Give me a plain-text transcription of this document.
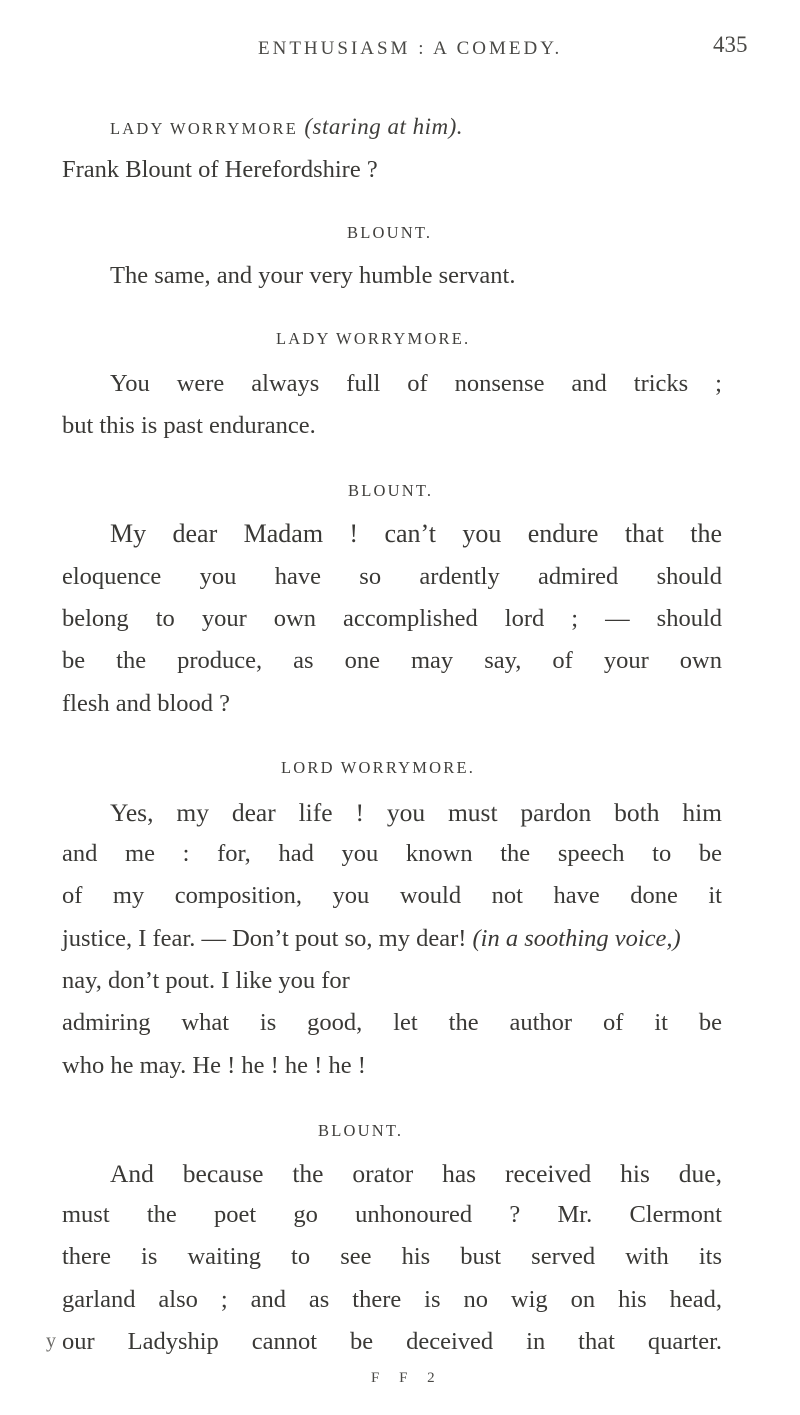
ENTHUSIASM : A COMEDY.	435
LADY WORRYMORE (staring at him).
Frank Blount of Herefordshire ?
BLOUNT.
The same, and your very humble servant.
LADY WORRYMORE.
You were always full of nonsense and tricks ;
but this is past endurance.
BLOUNT.
My dear Madam ! can’t you endure that the
eloquence you have so ardently admired should
belong to your own accomplished lord ; — should
be the produce, as one may say, of your own
flesh and blood ?
LORD WORRYMORE.
Yes, my dear life ! you must pardon both him
and me : for, had you known the speech to be
of my composition, you would not have done it
justice, I fear. — Don’t pout so, my dear! (in a soothing voice,)
nay, don’t pout. I like you for
admiring what is good, let the author of it be
who he may. He ! he ! he ! he !
BLOUNT.
And because the orator has received his due,
must the poet go unhonoured ? Mr. Clermont
there is waiting to see his bust served with its
garland also ; and as there is no wig on his head,
our Ladyship cannot be deceived in that quarter.
y
F F 2
